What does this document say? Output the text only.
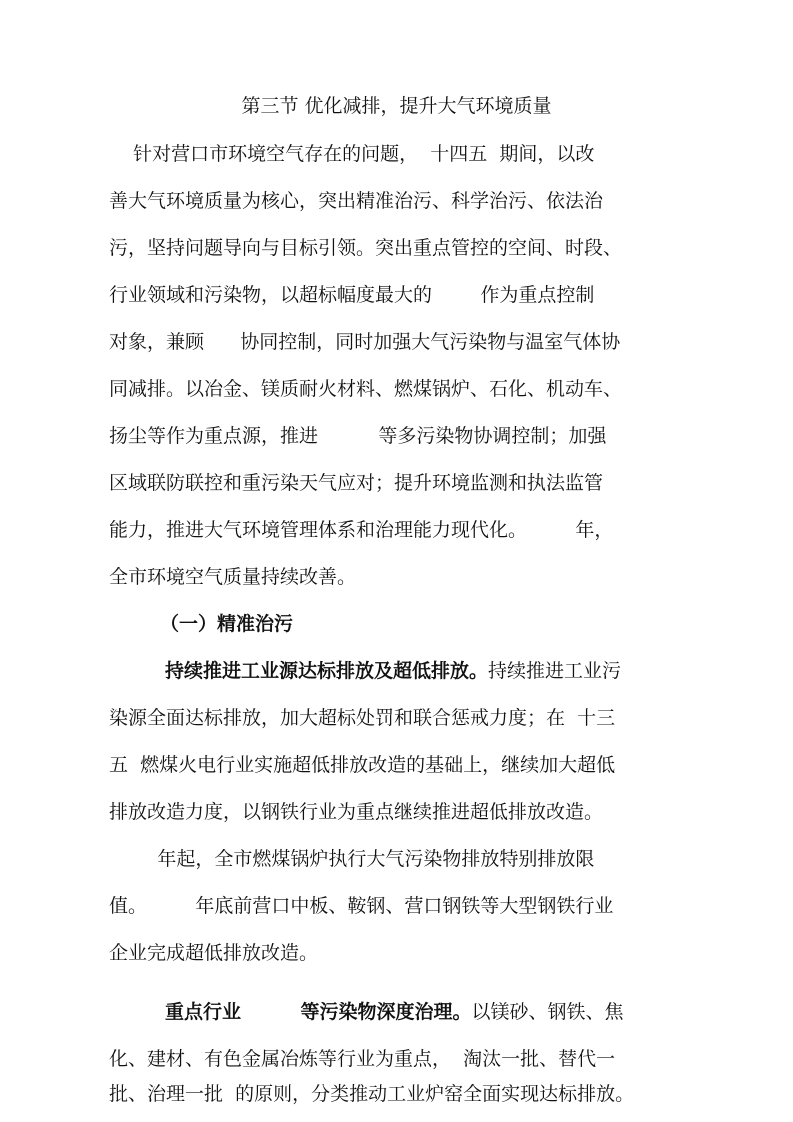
第三节 优化减排，提升大气环境质量
针对营口市环境空气存在的问题，  十四五  期间，以改
善大气环境质量为核心，突出精准治污、科学治污、依法治
污，坚持问题导向与目标引领。突出重点管控的空间、时段、
行业领域和污染物，以超标幅度最大的        作为重点控制
对象，兼顾      协同控制，同时加强大气污染物与温室气体协
同减排。以冶金、镁质耐火材料、燃煤锅炉、石化、机动车、
扬尘等作为重点源，推进          等多污染物协调控制；加强
区域联防联控和重污染天气应对；提升环境监测和执法监管
能力，推进大气环境管理体系和治理能力现代化。        年，
全市环境空气质量持续改善。
（一）精准治污
持续推进工业源达标排放及超低排放。持续推进工业污
染源全面达标排放，加大超标处罚和联合惩戒力度；在  十三
五  燃煤火电行业实施超低排放改造的基础上，继续加大超低
排放改造力度，以钢铁行业为重点继续推进超低排放改造。
年起，全市燃煤锅炉执行大气污染物排放特别排放限
值。        年底前营口中板、鞍钢、营口钢铁等大型钢铁行业
企业完成超低排放改造。
重点行业         等污染物深度治理。以镁砂、钢铁、焦
化、建材、有色金属冶炼等行业为重点，  淘汰一批、替代一
批、治理一批  的原则，分类推动工业炉窑全面实现达标排放。
